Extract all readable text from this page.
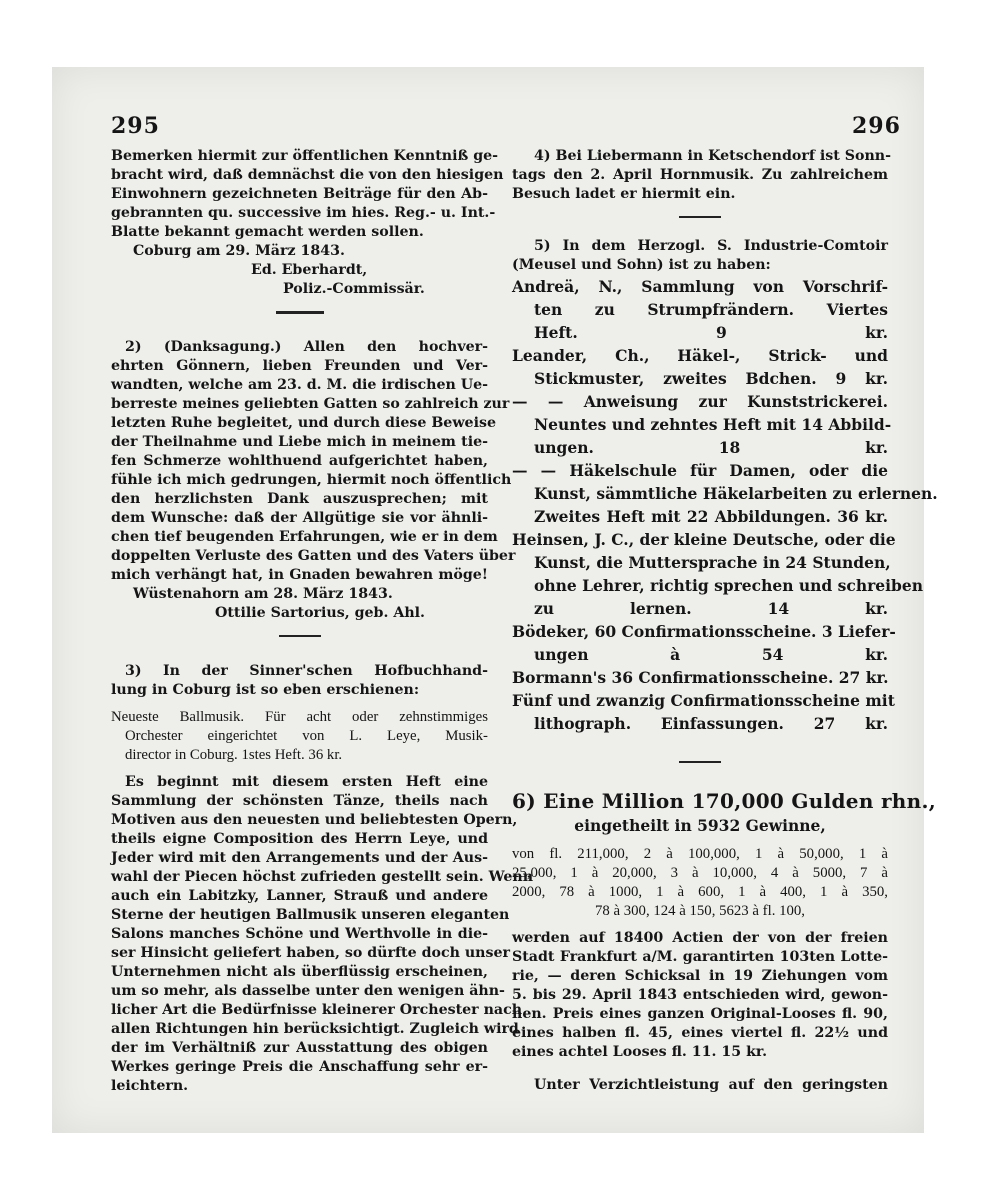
295	296
Bemerken hiermit zur öffentlichen Kenntniß ge-
bracht wird, daß demnächst die von den hiesigen
Einwohnern gezeichneten Beiträge für den Ab-
gebrannten qu. successive im hies. Reg.- u. Int.-
Blatte bekannt gemacht werden sollen.
Coburg am 29. März 1843.
Ed. Eberhardt,
Poliz.-Commissär.
2) (Danksagung.) Allen den hochver-
ehrten Gönnern, lieben Freunden und Ver-
wandten, welche am 23. d. M. die irdischen Ue-
berreste meines geliebten Gatten so zahlreich zur
letzten Ruhe begleitet, und durch diese Beweise
der Theilnahme und Liebe mich in meinem tie-
fen Schmerze wohlthuend aufgerichtet haben,
fühle ich mich gedrungen, hiermit noch öffentlich
den herzlichsten Dank auszusprechen; mit
dem Wunsche: daß der Allgütige sie vor ähnli-
chen tief beugenden Erfahrungen, wie er in dem
doppelten Verluste des Gatten und des Vaters über
mich verhängt hat, in Gnaden bewahren möge!
Wüstenahorn am 28. März 1843.
Ottilie Sartorius, geb. Ahl.
3) In der Sinner'schen Hofbuchhand-
lung in Coburg ist so eben erschienen:
Neueste Ballmusik. Für acht oder zehnstimmiges
Orchester eingerichtet von L. Leye, Musik-
director in Coburg. 1stes Heft. 36 kr.
Es beginnt mit diesem ersten Heft eine
Sammlung der schönsten Tänze, theils nach
Motiven aus den neuesten und beliebtesten Opern,
theils eigne Composition des Herrn Leye, und
Jeder wird mit den Arrangements und der Aus-
wahl der Piecen höchst zufrieden gestellt sein. Wenn
auch ein Labitzky, Lanner, Strauß und andere
Sterne der heutigen Ballmusik unseren eleganten
Salons manches Schöne und Werthvolle in die-
ser Hinsicht geliefert haben, so dürfte doch unser
Unternehmen nicht als überflüssig erscheinen,
um so mehr, als dasselbe unter den wenigen ähn-
licher Art die Bedürfnisse kleinerer Orchester nach
allen Richtungen hin berücksichtigt. Zugleich wird
der im Verhältniß zur Ausstattung des obigen
Werkes geringe Preis die Anschaffung sehr er-
leichtern.
4) Bei Liebermann in Ketschendorf ist Sonn-
tags den 2. April Hornmusik. Zu zahlreichem
Besuch ladet er hiermit ein.
5) In dem Herzogl. S. Industrie-Comtoir
(Meusel und Sohn) ist zu haben:
Andreä, N., Sammlung von Vorschrif-
ten zu Strumpfrändern. Viertes
Heft. 9 kr.
Leander, Ch., Häkel-, Strick- und
Stickmuster, zweites Bdchen. 9 kr.
— — Anweisung zur Kunststrickerei.
Neuntes und zehntes Heft mit 14 Abbild-
ungen. 18 kr.
— — Häkelschule für Damen, oder die
Kunst, sämmtliche Häkelarbeiten zu erlernen.
Zweites Heft mit 22 Abbildungen. 36 kr.
Heinsen, J. C., der kleine Deutsche, oder die
Kunst, die Muttersprache in 24 Stunden,
ohne Lehrer, richtig sprechen und schreiben
zu lernen. 14 kr.
Bödeker, 60 Confirmationsscheine. 3 Liefer-
ungen à 54 kr.
Bormann's 36 Confirmationsscheine. 27 kr.
Fünf und zwanzig Confirmationsscheine mit
lithograph. Einfassungen. 27 kr.
6) Eine Million 170,000 Gulden rhn.,
eingetheilt in 5932 Gewinne,
von fl. 211,000, 2 à 100,000, 1 à 50,000, 1 à
25,000, 1 à 20,000, 3 à 10,000, 4 à 5000, 7 à
2000, 78 à 1000, 1 à 600, 1 à 400, 1 à 350,
78 à 300, 124 à 150, 5623 à fl. 100,
werden auf 18400 Actien der von der freien
Stadt Frankfurt a/M. garantirten 103ten Lotte-
rie, — deren Schicksal in 19 Ziehungen vom
5. bis 29. April 1843 entschieden wird, gewon-
nen. Preis eines ganzen Original-Looses fl. 90,
eines halben fl. 45, eines viertel fl. 22½ und
eines achtel Looses fl. 11. 15 kr.
Unter Verzichtleistung auf den geringsten
